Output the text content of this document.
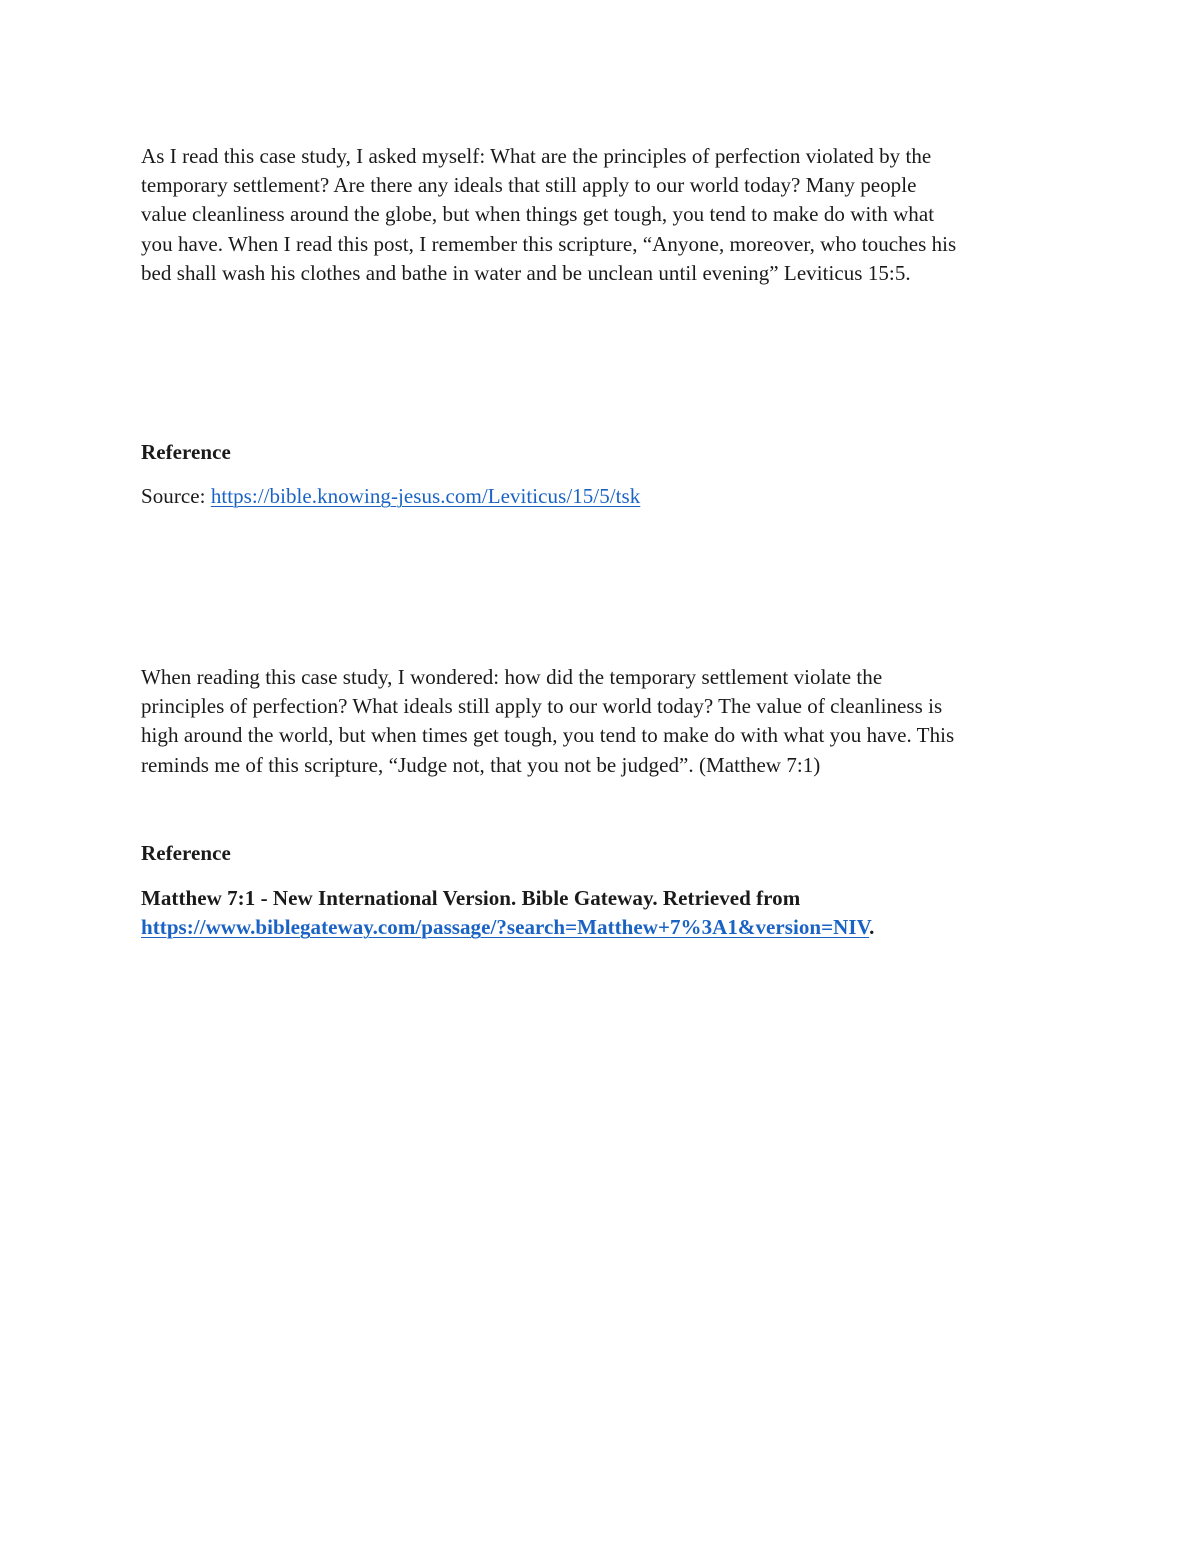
As I read this case study, I asked myself: What are the principles of perfection violated by the
temporary settlement? Are there any ideals that still apply to our world today? Many people
value cleanliness around the globe, but when things get tough, you tend to make do with what
you have. When I read this post, I remember this scripture, “Anyone, moreover, who touches his
bed shall wash his clothes and bathe in water and be unclean until evening” Leviticus 15:5.
Reference
Source: https://bible.knowing-jesus.com/Leviticus/15/5/tsk
When reading this case study, I wondered: how did the temporary settlement violate the
principles of perfection? What ideals still apply to our world today? The value of cleanliness is
high around the world, but when times get tough, you tend to make do with what you have. This
reminds me of this scripture, “Judge not, that you not be judged”. (Matthew 7:1)
Reference
Matthew 7:1 - New International Version. Bible Gateway. Retrieved from
https://www.biblegateway.com/passage/?search=Matthew+7%3A1&version=NIV.
